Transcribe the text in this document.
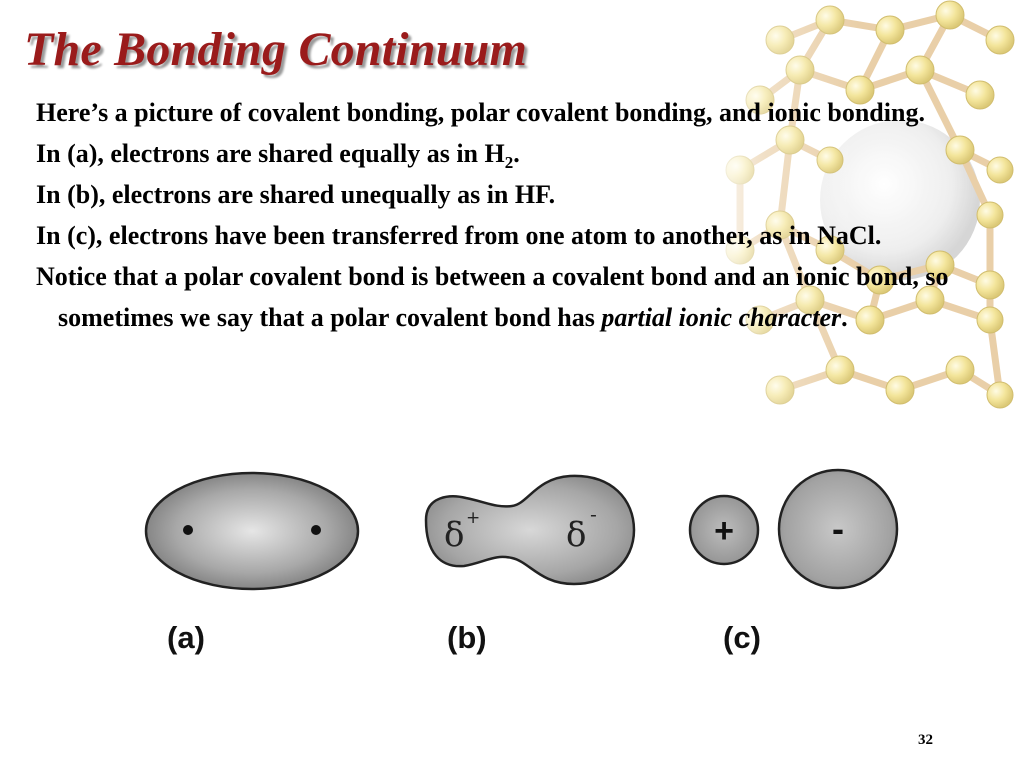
The Bonding Continuum

Here’s a picture of covalent bonding, polar covalent bonding, and ionic bonding.

In (a), electrons are shared equally as in $H_2$.

In (b), electrons are shared unequally as in HF.

In (c), electrons have been transferred from one atom to another, as in NaCl.

Notice that a polar covalent bond is between a covalent bond and an ionic bond, so sometimes we say that a polar covalent bond has partial ionic character.

δ +	δ -	+	-
(a)	(b)	(c)
32
